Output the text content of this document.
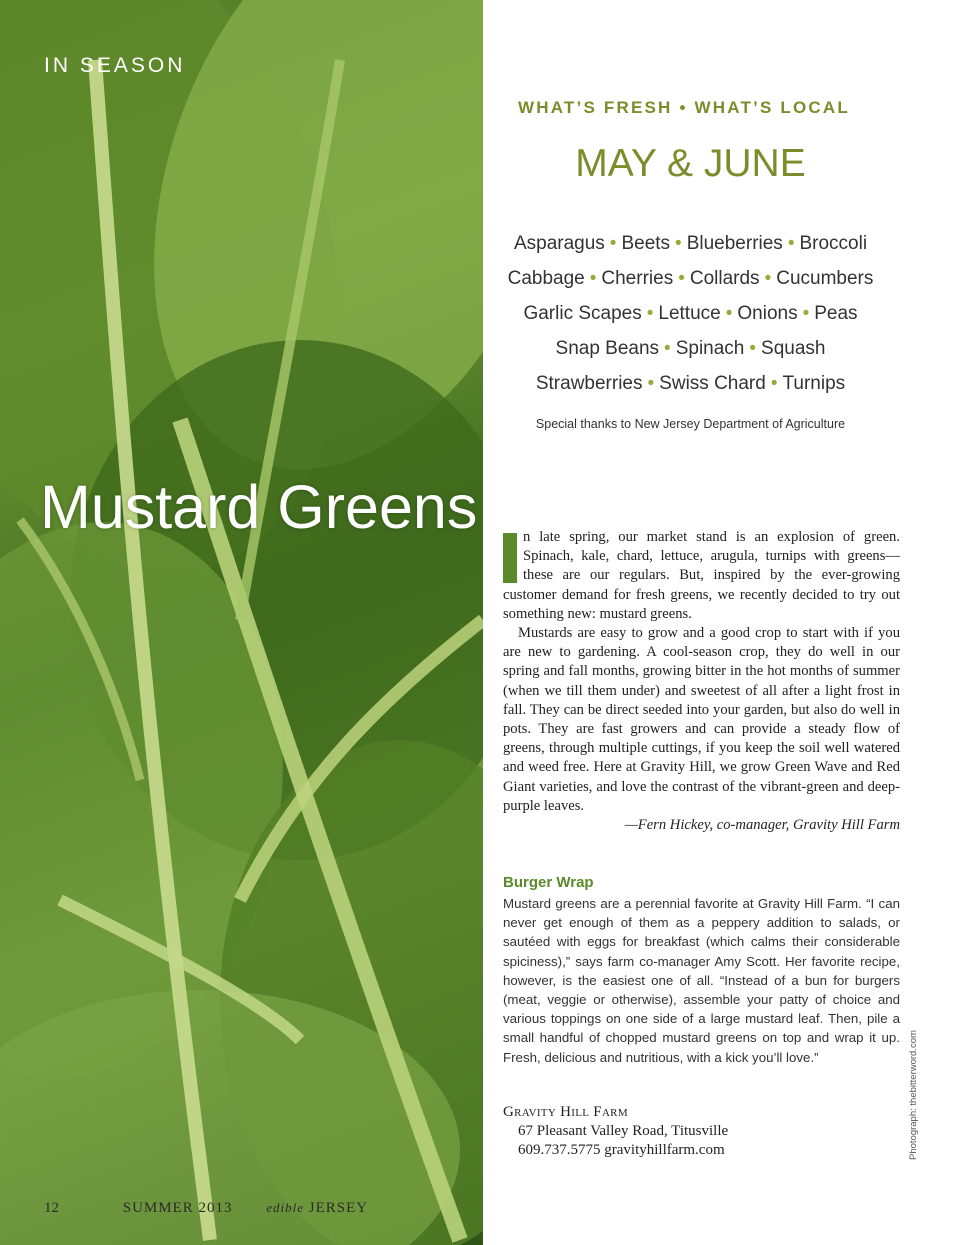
IN SEASON
Mustard Greens
12	SUMMER 2013	edible JERSEY
WHAT’S FRESH • WHAT’S LOCAL
MAY & JUNE
Asparagus • Beets • Blueberries • Broccoli
Cabbage • Cherries • Collards • Cucumbers
Garlic Scapes • Lettuce • Onions • Peas
Snap Beans • Spinach • Squash
Strawberries • Swiss Chard • Turnips
Special thanks to New Jersey Department of Agriculture

n late spring, our market stand is an explosion of green. Spinach, kale, chard, lettuce, arugula, turnips with greens—these are our regulars. But, inspired by the ever-growing customer demand for fresh greens, we recently decided to try out something new: mustard greens.

Mustards are easy to grow and a good crop to start with if you are new to gardening. A cool-season crop, they do well in our spring and fall months, growing bitter in the hot months of summer (when we till them under) and sweetest of all after a light frost in fall. They can be direct seeded into your garden, but also do well in pots. They are fast growers and can provide a steady flow of greens, through multiple cuttings, if you keep the soil well watered and weed free. Here at Gravity Hill, we grow Green Wave and Red Giant varieties, and love the contrast of the vibrant-green and deep-purple leaves.

—Fern Hickey, co-manager, Gravity Hill Farm

Burger Wrap

Mustard greens are a perennial favorite at Gravity Hill Farm. “I can never get enough of them as a peppery addition to salads, or sautéed with eggs for breakfast (which calms their considerable spiciness),” says farm co-manager Amy Scott. Her favorite recipe, however, is the easiest one of all. “Instead of a bun for burgers (meat, veggie or otherwise), assemble your patty of choice and various toppings on one side of a large mustard leaf. Then, pile a small handful of chopped mustard greens on top and wrap it up. Fresh, delicious and nutritious, with a kick you’ll love.”

Gravity Hill Farm
67 Pleasant Valley Road, Titusville
609.737.5775 gravityhillfarm.com	Photograph: thebitterword.com
